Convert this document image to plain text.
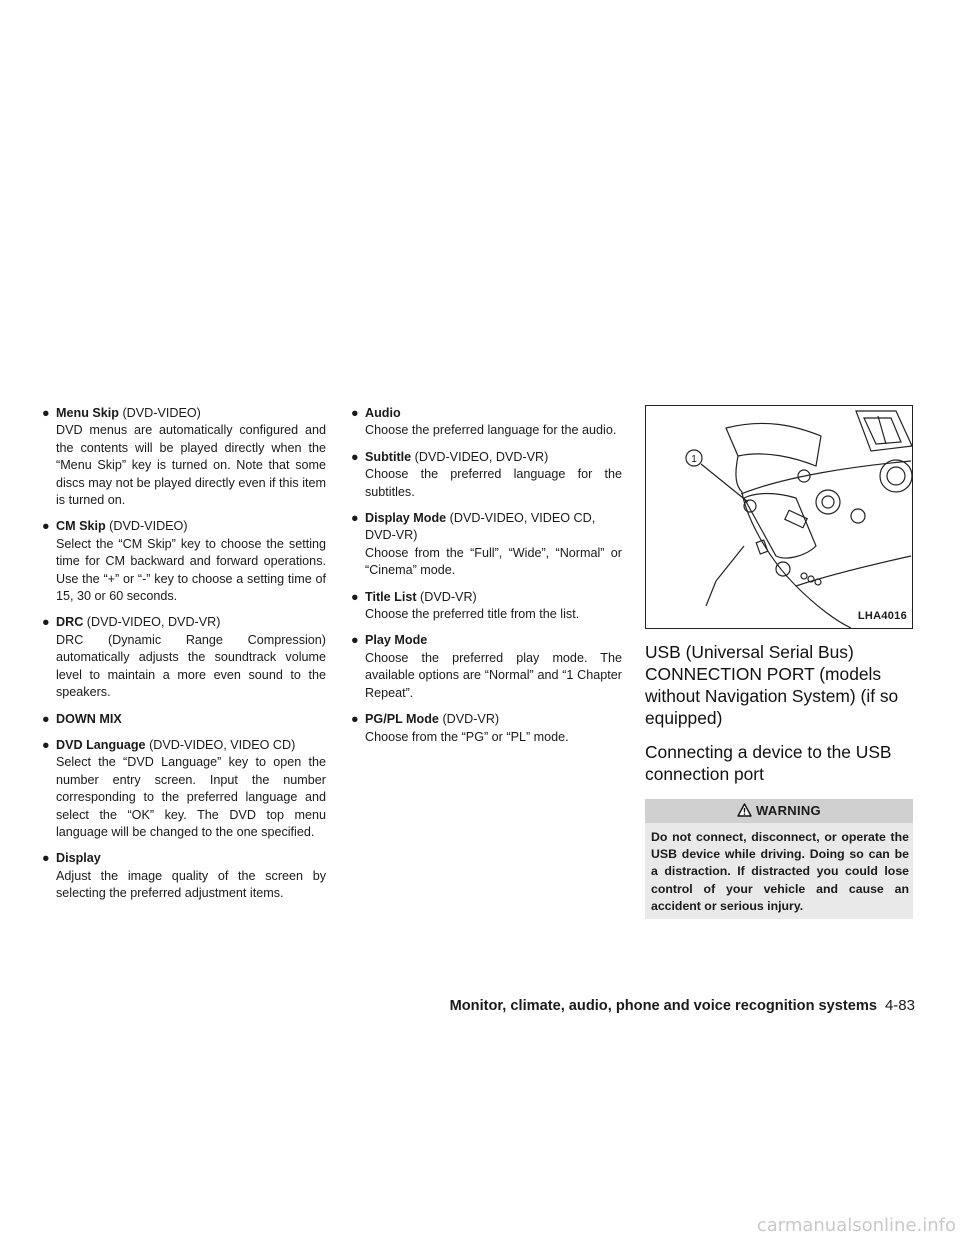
● Menu Skip (DVD-VIDEO)
DVD menus are automatically configured and the contents will be played directly when the “Menu Skip” key is turned on. Note that some discs may not be played directly even if this item is turned on.
● CM Skip (DVD-VIDEO)
Select the “CM Skip” key to choose the setting time for CM backward and forward operations. Use the “+” or “-” key to choose a setting time of 15, 30 or 60 seconds.
● DRC (DVD-VIDEO, DVD-VR)
DRC (Dynamic Range Compression) automatically adjusts the soundtrack volume level to maintain a more even sound to the speakers.
● DOWN MIX
● DVD Language (DVD-VIDEO, VIDEO CD)
Select the “DVD Language” key to open the number entry screen. Input the number corresponding to the preferred language and select the “OK” key. The DVD top menu language will be changed to the one specified.
● Display
Adjust the image quality of the screen by selecting the preferred adjustment items.
● Audio
Choose the preferred language for the audio.
● Subtitle (DVD-VIDEO, DVD-VR)
Choose the preferred language for the subtitles.
● Display Mode (DVD-VIDEO, VIDEO CD, DVD-VR)
Choose from the “Full”, “Wide”, “Normal” or “Cinema” mode.
● Title List (DVD-VR)
Choose the preferred title from the list.
● Play Mode
Choose the preferred play mode. The available options are “Normal” and “1 Chapter Repeat”.
● PG/PL Mode (DVD-VR)
Choose from the “PG” or “PL” mode.
1
LHA4016
USB (Universal Serial Bus) CONNECTION PORT (models without Navigation System) (if so equipped)
Connecting a device to the USB connection port
WARNING
Do not connect, disconnect, or operate the USB device while driving. Doing so can be a distraction. If distracted you could lose control of your vehicle and cause an accident or serious injury.
Monitor, climate, audio, phone and voice recognition systems 4-83
carmanualsonline.info
